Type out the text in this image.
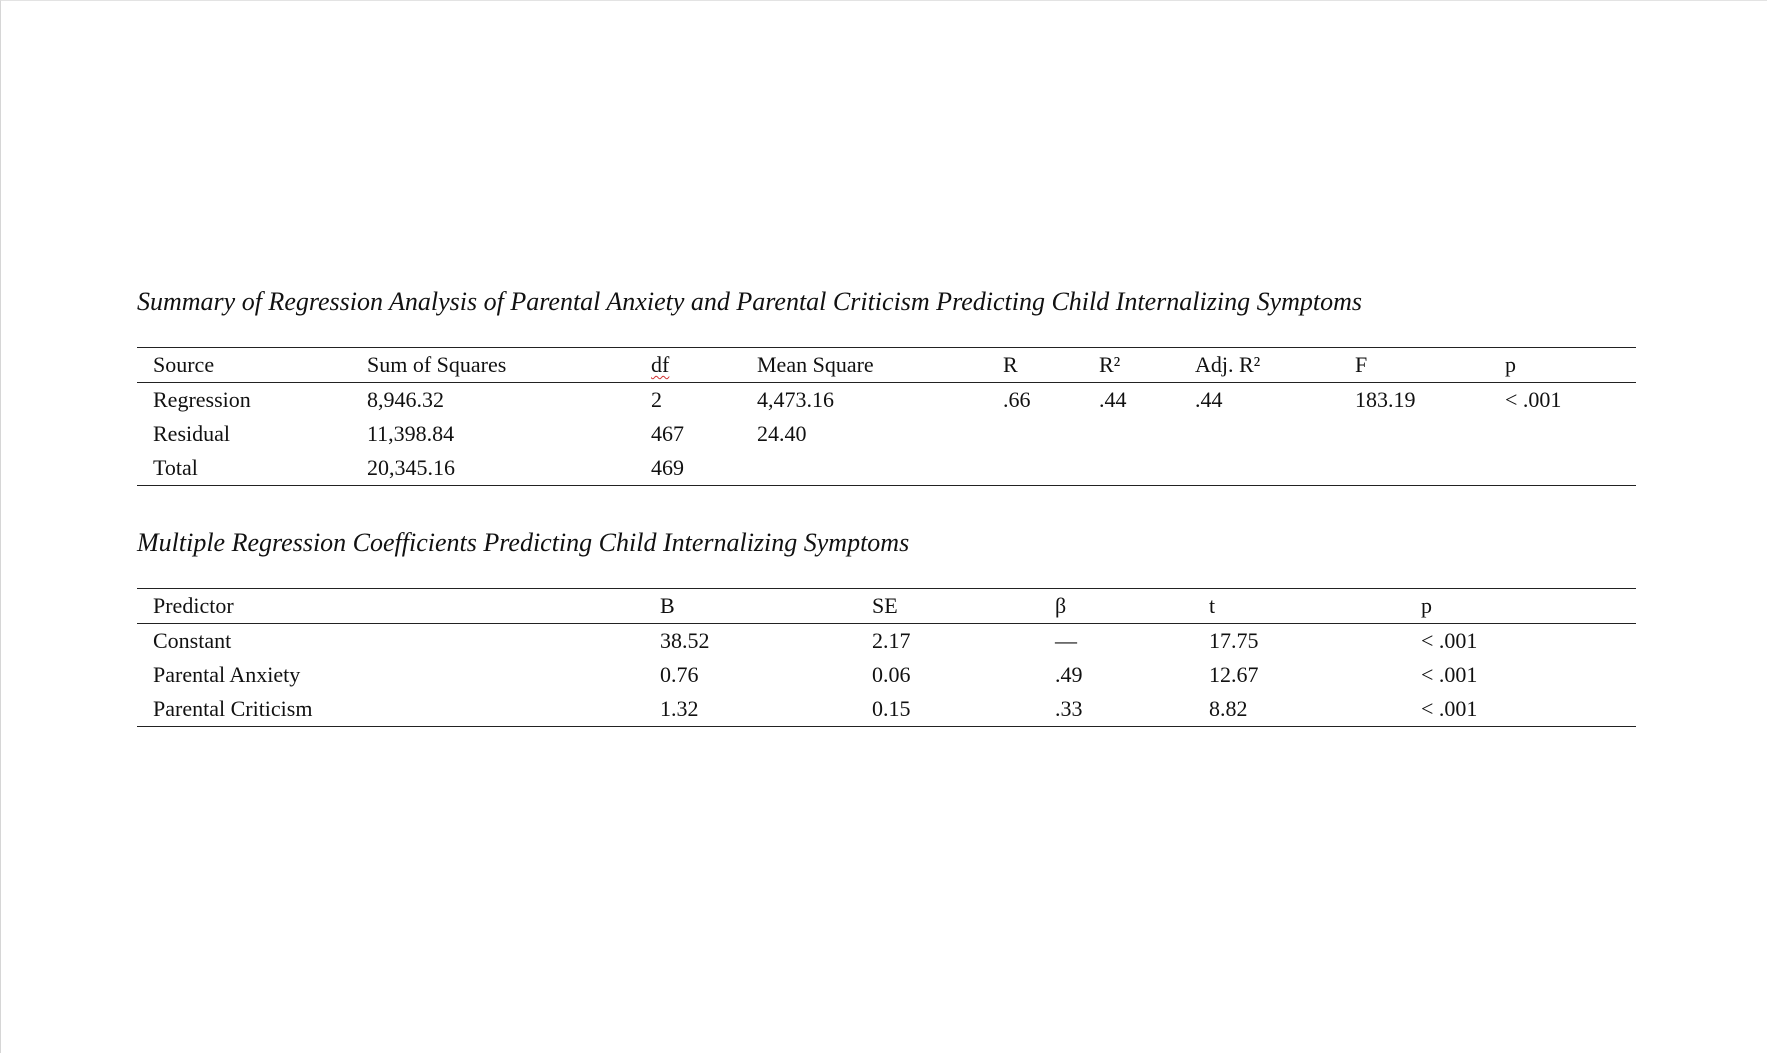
Summary of Regression Analysis of Parental Anxiety and Parental Criticism Predicting Child Internalizing Symptoms
Source	Sum of Squares	df	Mean Square	R	R²	Adj. R²	F	p
Regression	8,946.32	2	4,473.16	.66	.44	.44	183.19	< .001
Residual	11,398.84	467	24.40					
Total	20,345.16	469						
Multiple Regression Coefficients Predicting Child Internalizing Symptoms
Predictor	B	SE	β	t	p
Constant	38.52	2.17	—	17.75	< .001
Parental Anxiety	0.76	0.06	.49	12.67	< .001
Parental Criticism	1.32	0.15	.33	8.82	< .001
